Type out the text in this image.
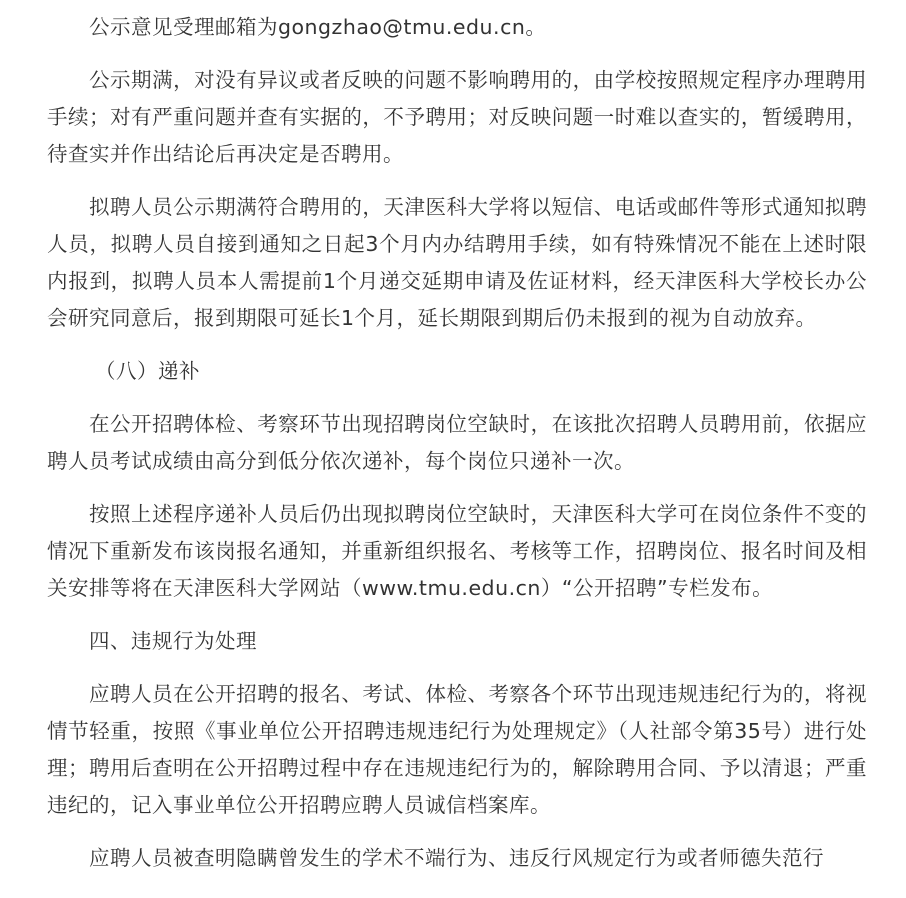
公示意见受理邮箱为gongzhao@tmu.edu.cn。

公示期满，对没有异议或者反映的问题不影响聘用的，由学校按照规定程序办理聘用手续；对有严重问题并查有实据的，不予聘用；对反映问题一时难以查实的，暂缓聘用，待查实并作出结论后再决定是否聘用。

拟聘人员公示期满符合聘用的，天津医科大学将以短信、电话或邮件等形式通知拟聘人员，拟聘人员自接到通知之日起3个月内办结聘用手续，如有特殊情况不能在上述时限内报到，拟聘人员本人需提前1个月递交延期申请及佐证材料，经天津医科大学校长办公会研究同意后，报到期限可延长1个月，延长期限到期后仍未报到的视为自动放弃。

（八）递补

在公开招聘体检、考察环节出现招聘岗位空缺时，在该批次招聘人员聘用前，依据应聘人员考试成绩由高分到低分依次递补，每个岗位只递补一次。

按照上述程序递补人员后仍出现拟聘岗位空缺时，天津医科大学可在岗位条件不变的情况下重新发布该岗报名通知，并重新组织报名、考核等工作，招聘岗位、报名时间及相关安排等将在天津医科大学网站（www.tmu.edu.cn）“公开招聘”专栏发布。

四、违规行为处理

应聘人员在公开招聘的报名、考试、体检、考察各个环节出现违规违纪行为的，将视情节轻重，按照《事业单位公开招聘违规违纪行为处理规定》（人社部令第35号）进行处理；聘用后查明在公开招聘过程中存在违规违纪行为的，解除聘用合同、予以清退；严重违纪的，记入事业单位公开招聘应聘人员诚信档案库。

应聘人员被查明隐瞒曾发生的学术不端行为、违反行风规定行为或者师德失范行
